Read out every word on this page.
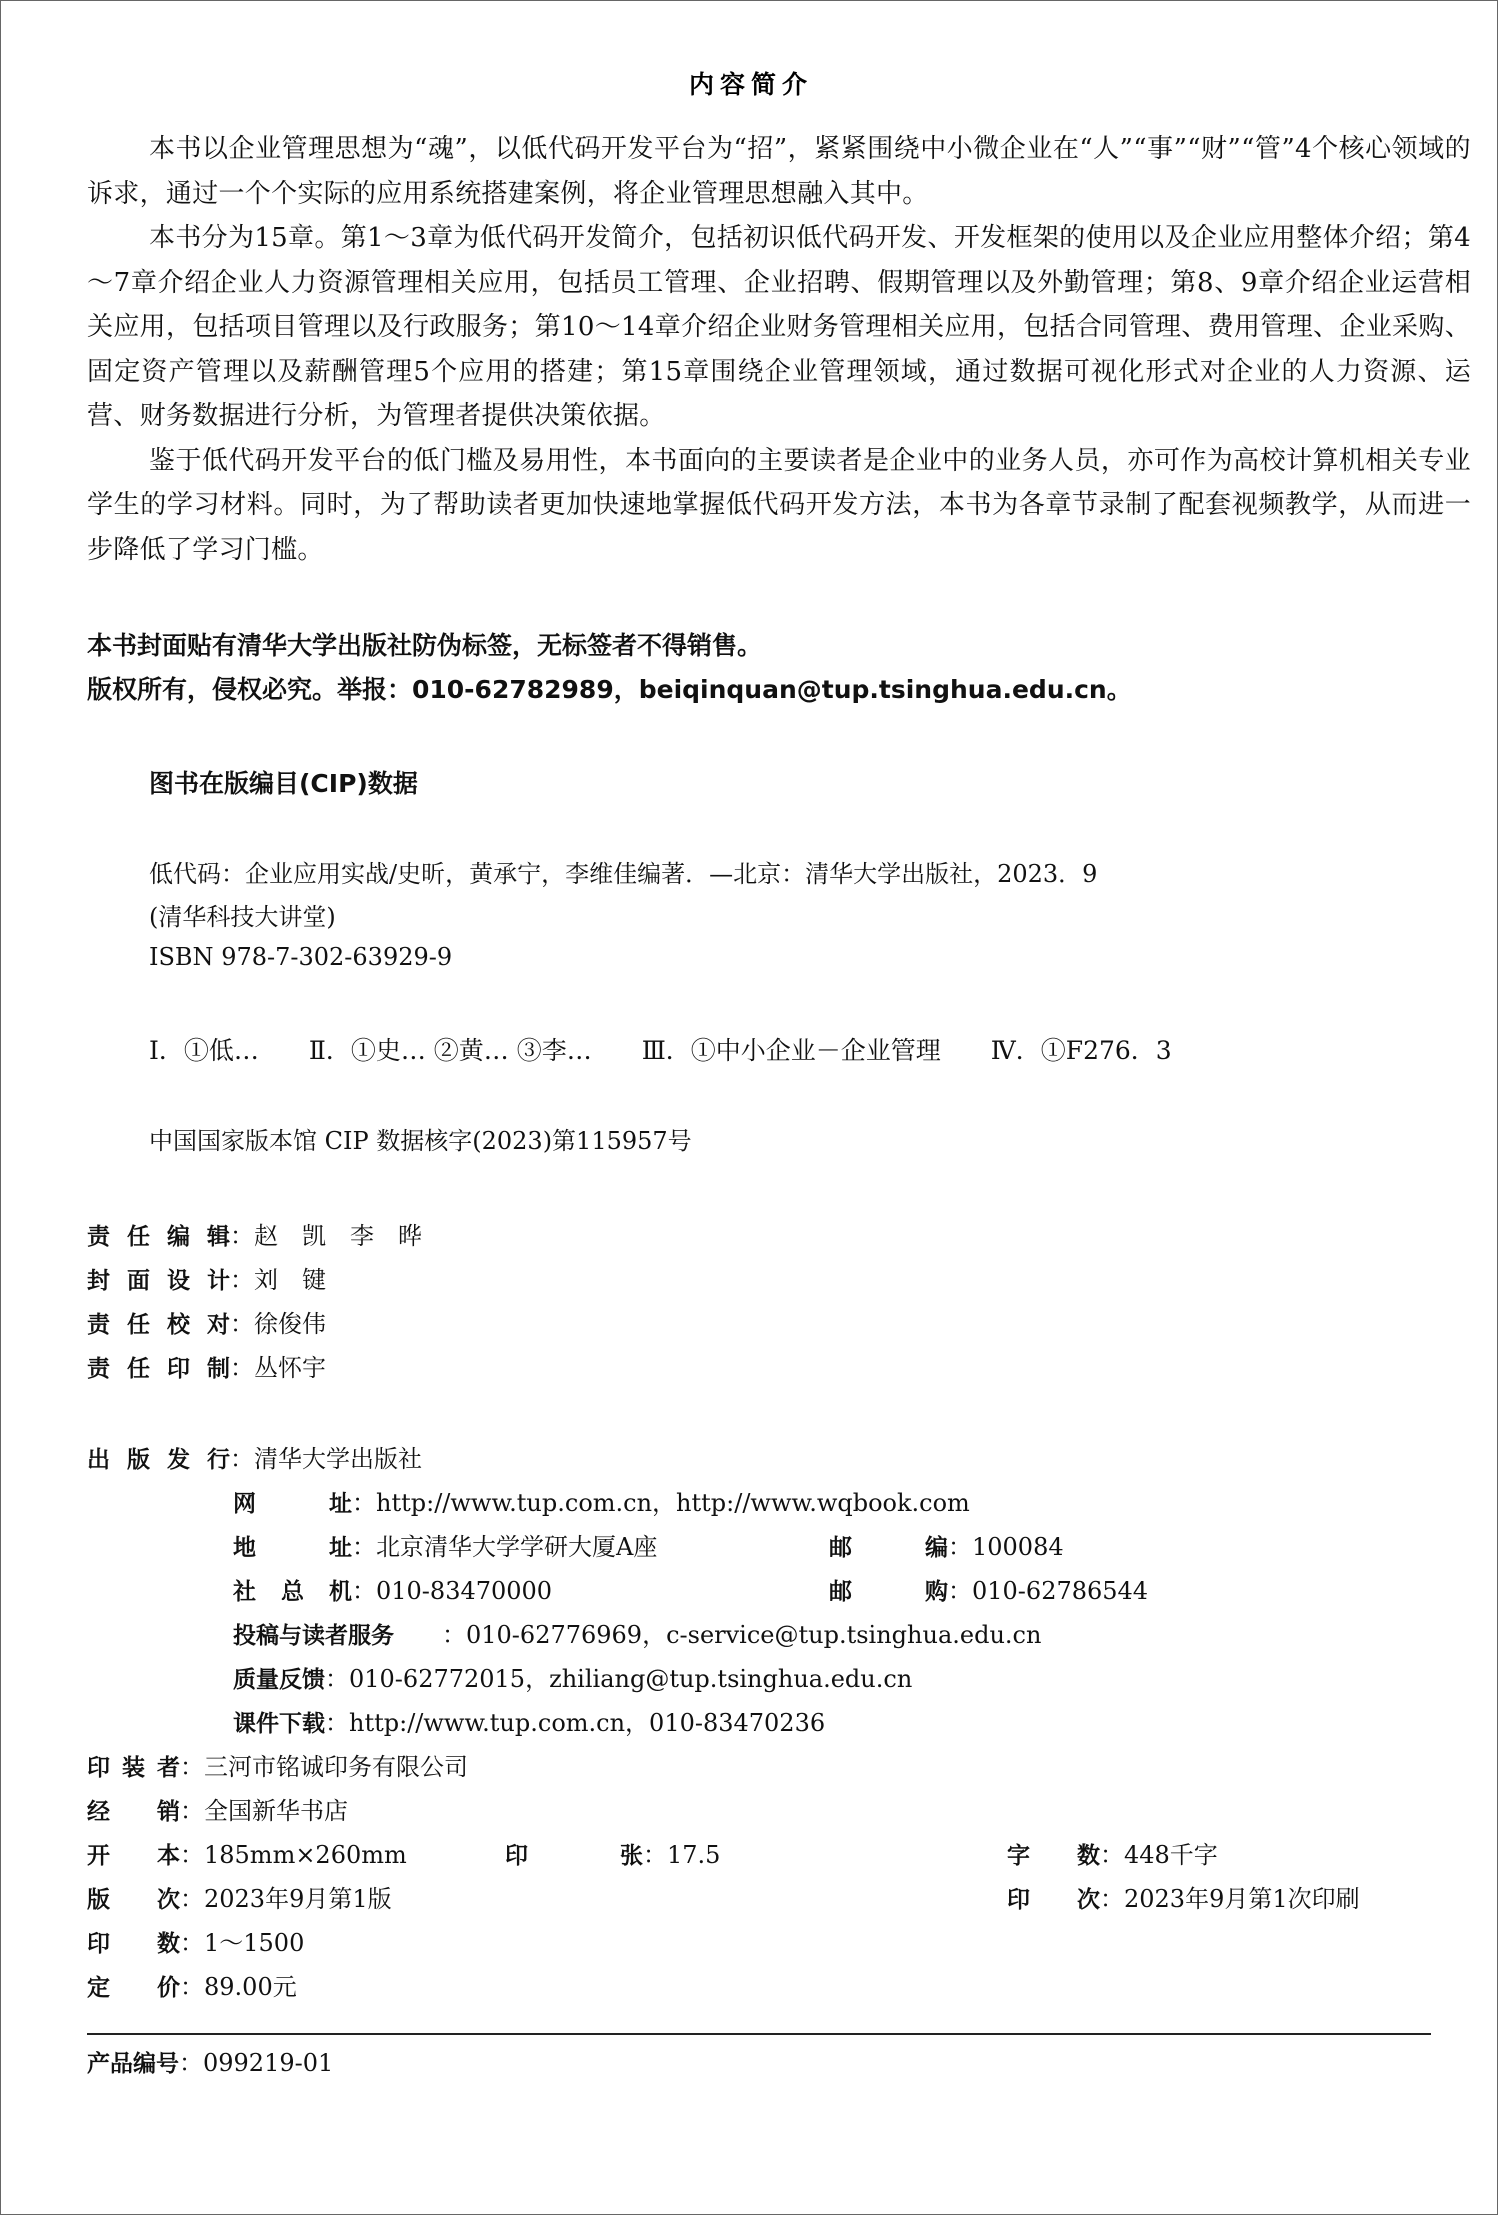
内容简介

本书以企业管理思想为“魂”，以低代码开发平台为“招”，紧紧围绕中小微企业在“人”“事”“财”“管”4个核心领域的诉求，通过一个个实际的应用系统搭建案例，将企业管理思想融入其中。

本书分为15章。第1～3章为低代码开发简介，包括初识低代码开发、开发框架的使用以及企业应用整体介绍；第4～7章介绍企业人力资源管理相关应用，包括员工管理、企业招聘、假期管理以及外勤管理；第8、9章介绍企业运营相关应用，包括项目管理以及行政服务；第10～14章介绍企业财务管理相关应用，包括合同管理、费用管理、企业采购、固定资产管理以及薪酬管理5个应用的搭建；第15章围绕企业管理领域，通过数据可视化形式对企业的人力资源、运营、财务数据进行分析，为管理者提供决策依据。

鉴于低代码开发平台的低门槛及易用性，本书面向的主要读者是企业中的业务人员，亦可作为高校计算机相关专业学生的学习材料。同时，为了帮助读者更加快速地掌握低代码开发方法，本书为各章节录制了配套视频教学，从而进一步降低了学习门槛。

本书封面贴有清华大学出版社防伪标签，无标签者不得销售。
版权所有，侵权必究。举报：010-62782989，beiqinquan@tup.tsinghua.edu.cn。
图书在版编目(CIP)数据
低代码：企业应用实战/史昕，黄承宁，李维佳编著．—北京：清华大学出版社，2023．9
(清华科技大讲堂)
ISBN 978-7-302-63929-9
Ⅰ．①低… Ⅱ．①史… ②黄… ③李… Ⅲ．①中小企业－企业管理 Ⅳ．①F276．3
中国国家版本馆 CIP 数据核字(2023)第115957号
责任编辑：赵　凯　李　晔
封面设计：刘　键
责任校对：徐俊伟
责任印制：丛怀宇
出版发行：清华大学出版社
网　　址：http://www.tup.com.cn，http://www.wqbook.com
地　　址：北京清华大学学研大厦A座	邮　　编：100084
社 总 机：010-83470000	邮　　购：010-62786544
投稿与读者服务 ：010-62776969，c-service@tup.tsinghua.edu.cn
质量反馈：010-62772015，zhiliang@tup.tsinghua.edu.cn
课件下载：http://www.tup.com.cn，010-83470236
印 装 者：三河市铭诚印务有限公司
经　　销：全国新华书店
开　　本：185mm×260mm	印　张：17.5	字　　数：448千字
版　　次：2023年9月第1版	印　　次：2023年9月第1次印刷
印　　数：1～1500
定　　价：89.00元
产品编号：099219-01
